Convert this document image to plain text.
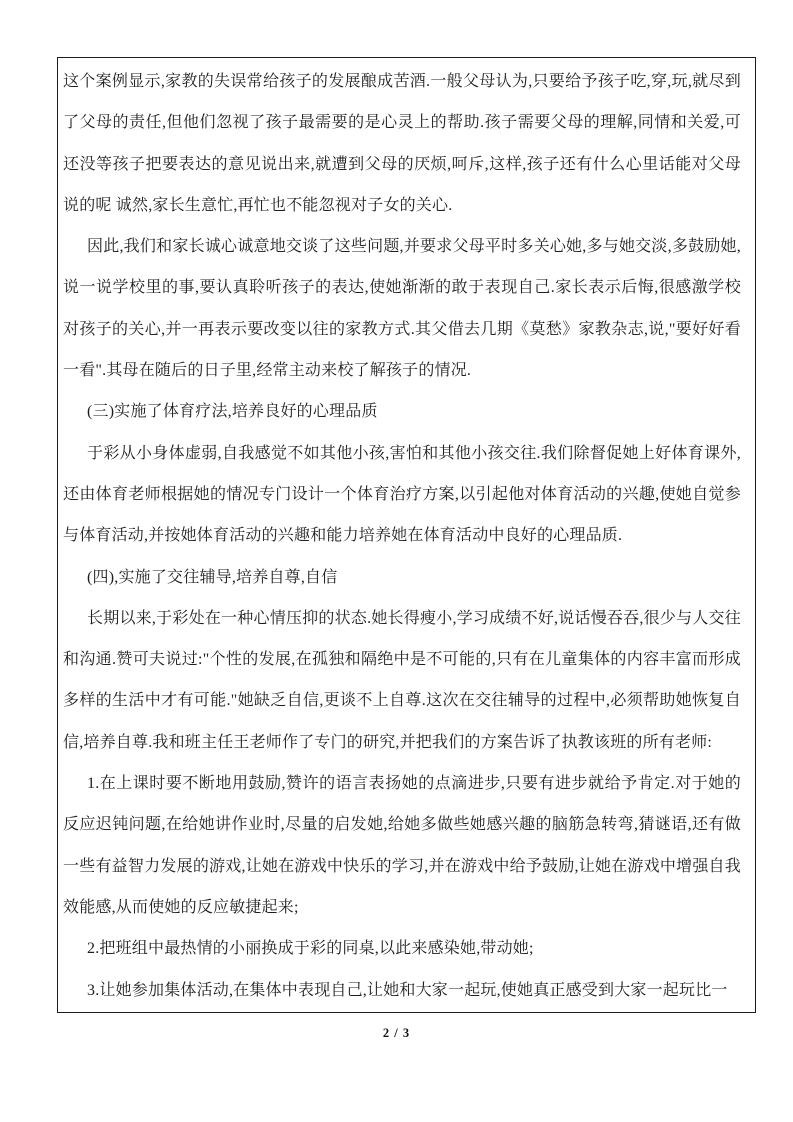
这个案例显示,家教的失误常给孩子的发展酿成苦酒.一般父母认为,只要给予孩子吃,穿,玩,就尽到了父母的责任,但他们忽视了孩子最需要的是心灵上的帮助.孩子需要父母的理解,同情和关爱,可还没等孩子把要表达的意见说出来,就遭到父母的厌烦,呵斥,这样,孩子还有什么心里话能对父母说的呢 诚然,家长生意忙,再忙也不能忽视对子女的关心.

因此,我们和家长诚心诚意地交谈了这些问题,并要求父母平时多关心她,多与她交淡,多鼓励她,说一说学校里的事,要认真聆听孩子的表达,使她渐渐的敢于表现自己.家长表示后悔,很感激学校对孩子的关心,并一再表示要改变以往的家教方式.其父借去几期《莫愁》家教杂志,说,"要好好看一看".其母在随后的日子里,经常主动来校了解孩子的情况.

(三)实施了体育疗法,培养良好的心理品质

于彩从小身体虚弱,自我感觉不如其他小孩,害怕和其他小孩交往.我们除督促她上好体育课外,还由体育老师根据她的情况专门设计一个体育治疗方案,以引起他对体育活动的兴趣,使她自觉参与体育活动,并按她体育活动的兴趣和能力培养她在体育活动中良好的心理品质.

(四),实施了交往辅导,培养自尊,自信

长期以来,于彩处在一种心情压抑的状态.她长得瘦小,学习成绩不好,说话慢吞吞,很少与人交往和沟通.赞可夫说过:"个性的发展,在孤独和隔绝中是不可能的,只有在儿童集体的内容丰富而形成多样的生活中才有可能."她缺乏自信,更谈不上自尊.这次在交往辅导的过程中,必须帮助她恢复自信,培养自尊.我和班主任王老师作了专门的研究,并把我们的方案告诉了执教该班的所有老师:

1.在上课时要不断地用鼓励,赞许的语言表扬她的点滴进步,只要有进步就给予肯定.对于她的反应迟钝问题,在给她讲作业时,尽量的启发她,给她多做些她感兴趣的脑筋急转弯,猜谜语,还有做一些有益智力发展的游戏,让她在游戏中快乐的学习,并在游戏中给予鼓励,让她在游戏中增强自我效能感,从而使她的反应敏捷起来;

2.把班组中最热情的小丽换成于彩的同桌,以此来感染她,带动她;

3.让她参加集体活动,在集体中表现自己,让她和大家一起玩,使她真正感受到大家一起玩比一

2 / 3
